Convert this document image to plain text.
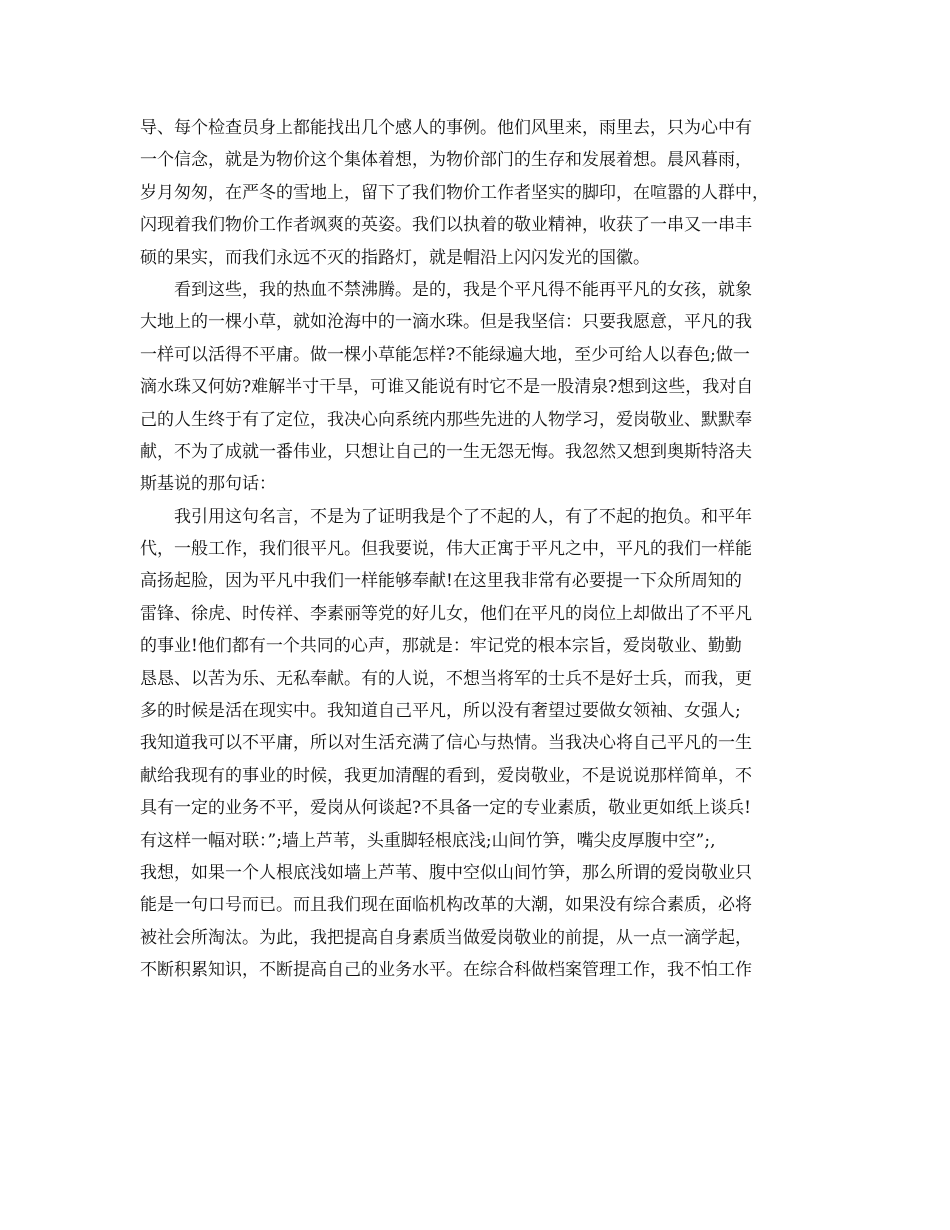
导、每个检查员身上都能找出几个感人的事例。他们风里来，雨里去，只为心中有
一个信念，就是为物价这个集体着想，为物价部门的生存和发展着想。晨风暮雨，
岁月匆匆，在严冬的雪地上，留下了我们物价工作者坚实的脚印，在喧嚣的人群中，
闪现着我们物价工作者飒爽的英姿。我们以执着的敬业精神，收获了一串又一串丰
硕的果实，而我们永远不灭的指路灯，就是帽沿上闪闪发光的国徽。
看到这些，我的热血不禁沸腾。是的，我是个平凡得不能再平凡的女孩，就象
大地上的一棵小草，就如沧海中的一滴水珠。但是我坚信：只要我愿意，平凡的我
一样可以活得不平庸。做一棵小草能怎样?不能绿遍大地，至少可给人以春色;做一
滴水珠又何妨?难解半寸干旱，可谁又能说有时它不是一股清泉?想到这些，我对自
己的人生终于有了定位，我决心向系统内那些先进的人物学习，爱岗敬业、默默奉
献，不为了成就一番伟业，只想让自己的一生无怨无悔。我忽然又想到奥斯特洛夫
斯基说的那句话：
我引用这句名言，不是为了证明我是个了不起的人，有了不起的抱负。和平年
代，一般工作，我们很平凡。但我要说，伟大正寓于平凡之中，平凡的我们一样能
高扬起脸，因为平凡中我们一样能够奉献!在这里我非常有必要提一下众所周知的
雷锋、徐虎、时传祥、李素丽等党的好儿女，他们在平凡的岗位上却做出了不平凡
的事业!他们都有一个共同的心声，那就是：牢记党的根本宗旨，爱岗敬业、勤勤
恳恳、以苦为乐、无私奉献。有的人说，不想当将军的士兵不是好士兵，而我，更
多的时候是活在现实中。我知道自己平凡，所以没有奢望过要做女领袖、女强人;
我知道我可以不平庸，所以对生活充满了信心与热情。当我决心将自己平凡的一生
献给我现有的事业的时候，我更加清醒的看到，爱岗敬业，不是说说那样简单，不
具有一定的业务不平，爱岗从何谈起?不具备一定的专业素质，敬业更如纸上谈兵!
有这样一幅对联：”;墙上芦苇，头重脚轻根底浅;山间竹笋，嘴尖皮厚腹中空”;,
我想，如果一个人根底浅如墙上芦苇、腹中空似山间竹笋，那么所谓的爱岗敬业只
能是一句口号而已。而且我们现在面临机构改革的大潮，如果没有综合素质，必将
被社会所淘汰。为此，我把提高自身素质当做爱岗敬业的前提，从一点一滴学起，
不断积累知识，不断提高自己的业务水平。在综合科做档案管理工作，我不怕工作
